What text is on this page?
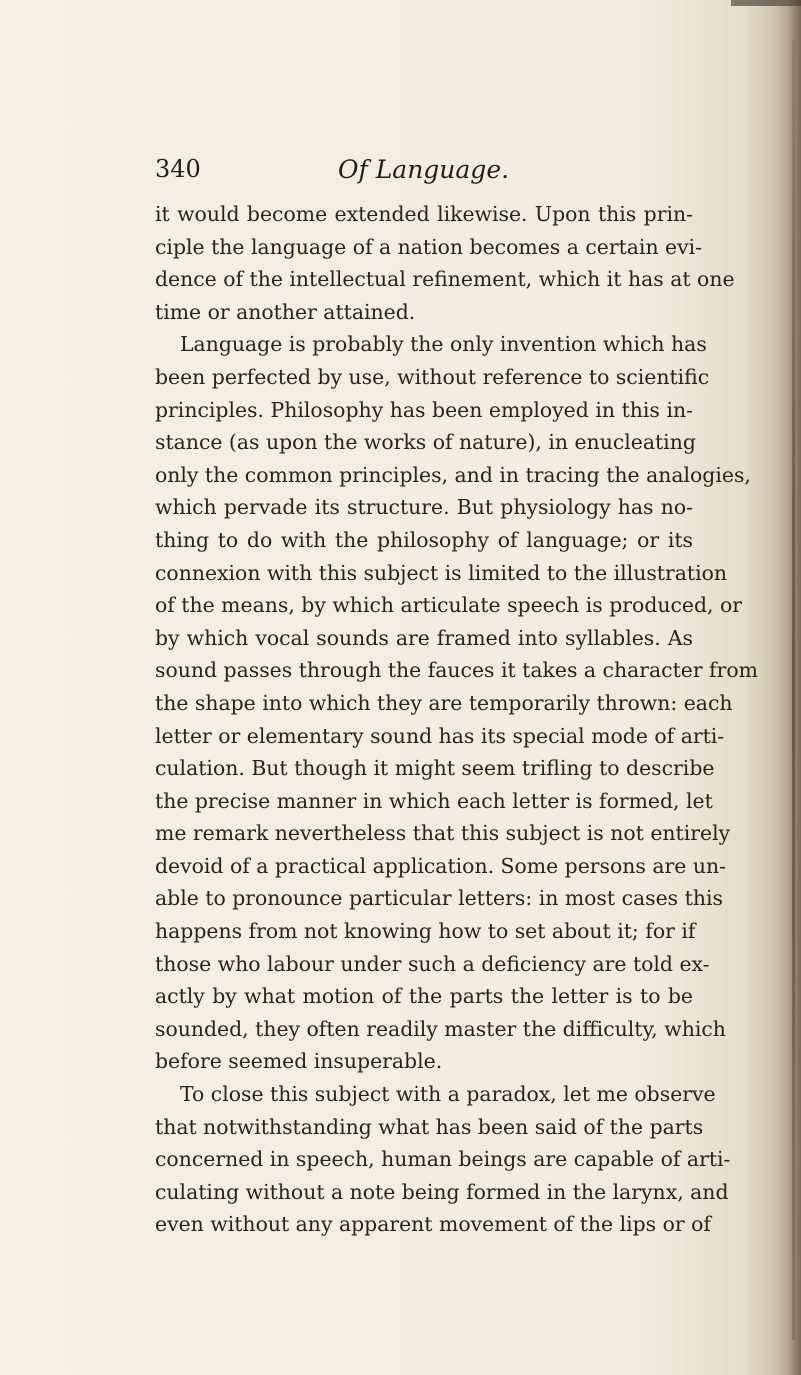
340	Of Language.
it would become extended likewise. Upon this prin-
ciple the language of a nation becomes a certain evi-
dence of the intellectual refinement, which it has at one
time or another attained.
Language is probably the only invention which has
been perfected by use, without reference to scientific
principles. Philosophy has been employed in this in-
stance (as upon the works of nature), in enucleating
only the common principles, and in tracing the analogies,
which pervade its structure. But physiology has no-
thing to do with the philosophy of language; or its
connexion with this subject is limited to the illustration
of the means, by which articulate speech is produced, or
by which vocal sounds are framed into syllables. As
sound passes through the fauces it takes a character from
the shape into which they are temporarily thrown: each
letter or elementary sound has its special mode of arti-
culation. But though it might seem trifling to describe
the precise manner in which each letter is formed, let
me remark nevertheless that this subject is not entirely
devoid of a practical application. Some persons are un-
able to pronounce particular letters: in most cases this
happens from not knowing how to set about it; for if
those who labour under such a deficiency are told ex-
actly by what motion of the parts the letter is to be
sounded, they often readily master the difficulty, which
before seemed insuperable.
To close this subject with a paradox, let me observe
that notwithstanding what has been said of the parts
concerned in speech, human beings are capable of arti-
culating without a note being formed in the larynx, and
even without any apparent movement of the lips or of
